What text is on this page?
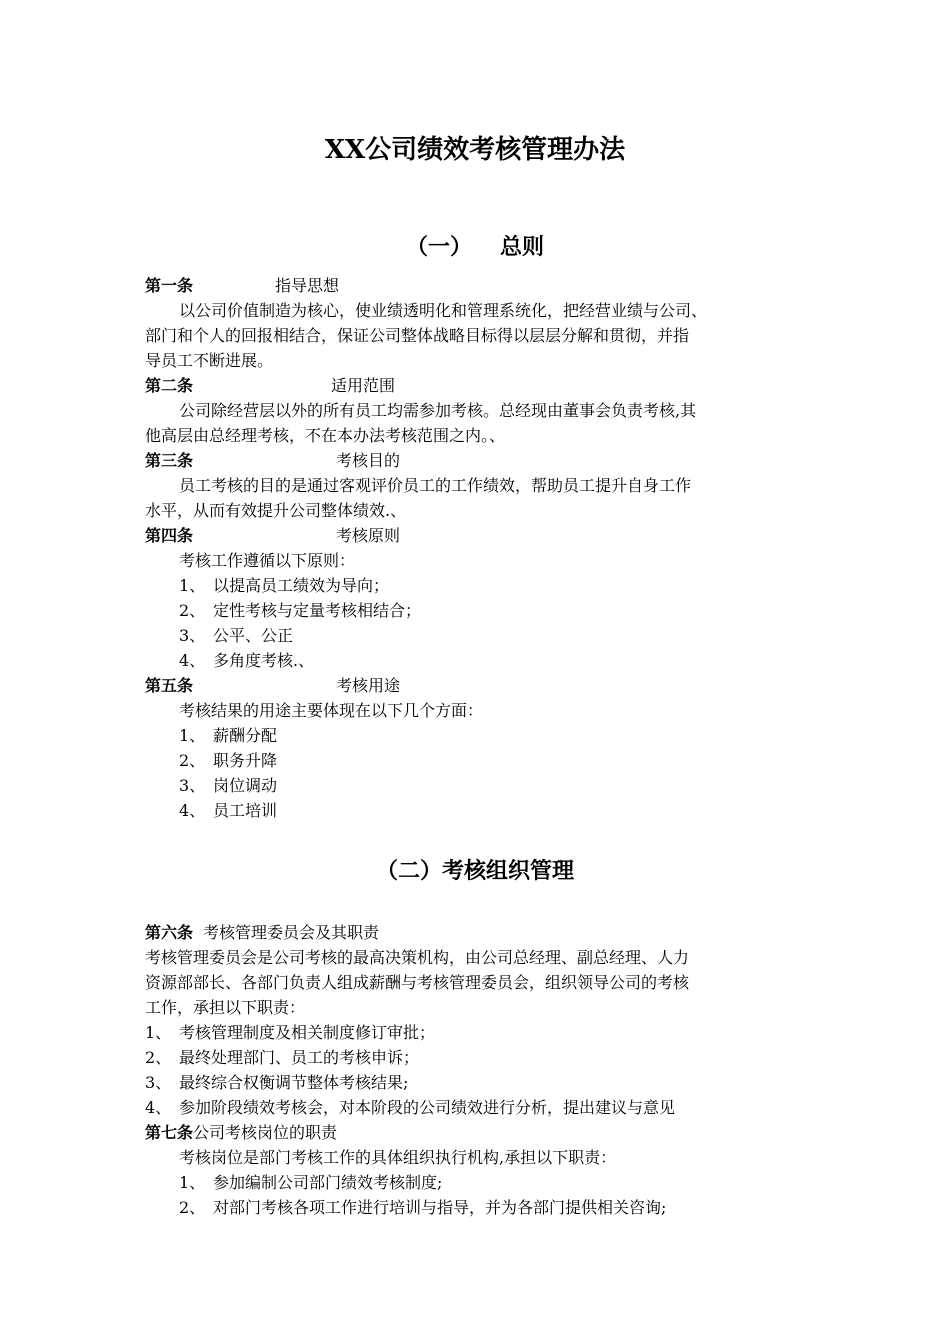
XX公司绩效考核管理办法
（一） 总则
第一条	指导思想
以公司价值制造为核心，使业绩透明化和管理系统化，把经营业绩与公司、
部门和个人的回报相结合，保证公司整体战略目标得以层层分解和贯彻，并指
导员工不断进展。
第二条	适用范围
公司除经营层以外的所有员工均需参加考核。总经现由董事会负责考核,其
他高层由总经理考核，不在本办法考核范围之内。、
第三条	考核目的
员工考核的目的是通过客观评价员工的工作绩效，帮助员工提升自身工作
水平，从而有效提升公司整体绩效.、
第四条	考核原则
考核工作遵循以下原则：
1、 以提高员工绩效为导向；
2、 定性考核与定量考核相结合；
3、 公平、公正
4、 多角度考核.、
第五条	考核用途
考核结果的用途主要体现在以下几个方面：
1、 薪酬分配
2、 职务升降
3、 岗位调动
4、 员工培训
（二）考核组织管理
第六条 考核管理委员会及其职责
考核管理委员会是公司考核的最高决策机构，由公司总经理、副总经理、人力
资源部部长、各部门负责人组成薪酬与考核管理委员会，组织领导公司的考核
工作，承担以下职责：
1、 考核管理制度及相关制度修订审批；
2、 最终处理部门、员工的考核申诉；
3、 最终综合权衡调节整体考核结果;
4、 参加阶段绩效考核会，对本阶段的公司绩效进行分析，提出建议与意见
第七条公司考核岗位的职责
考核岗位是部门考核工作的具体组织执行机构,承担以下职责：
1、 参加编制公司部门绩效考核制度;
2、 对部门考核各项工作进行培训与指导，并为各部门提供相关咨询;
